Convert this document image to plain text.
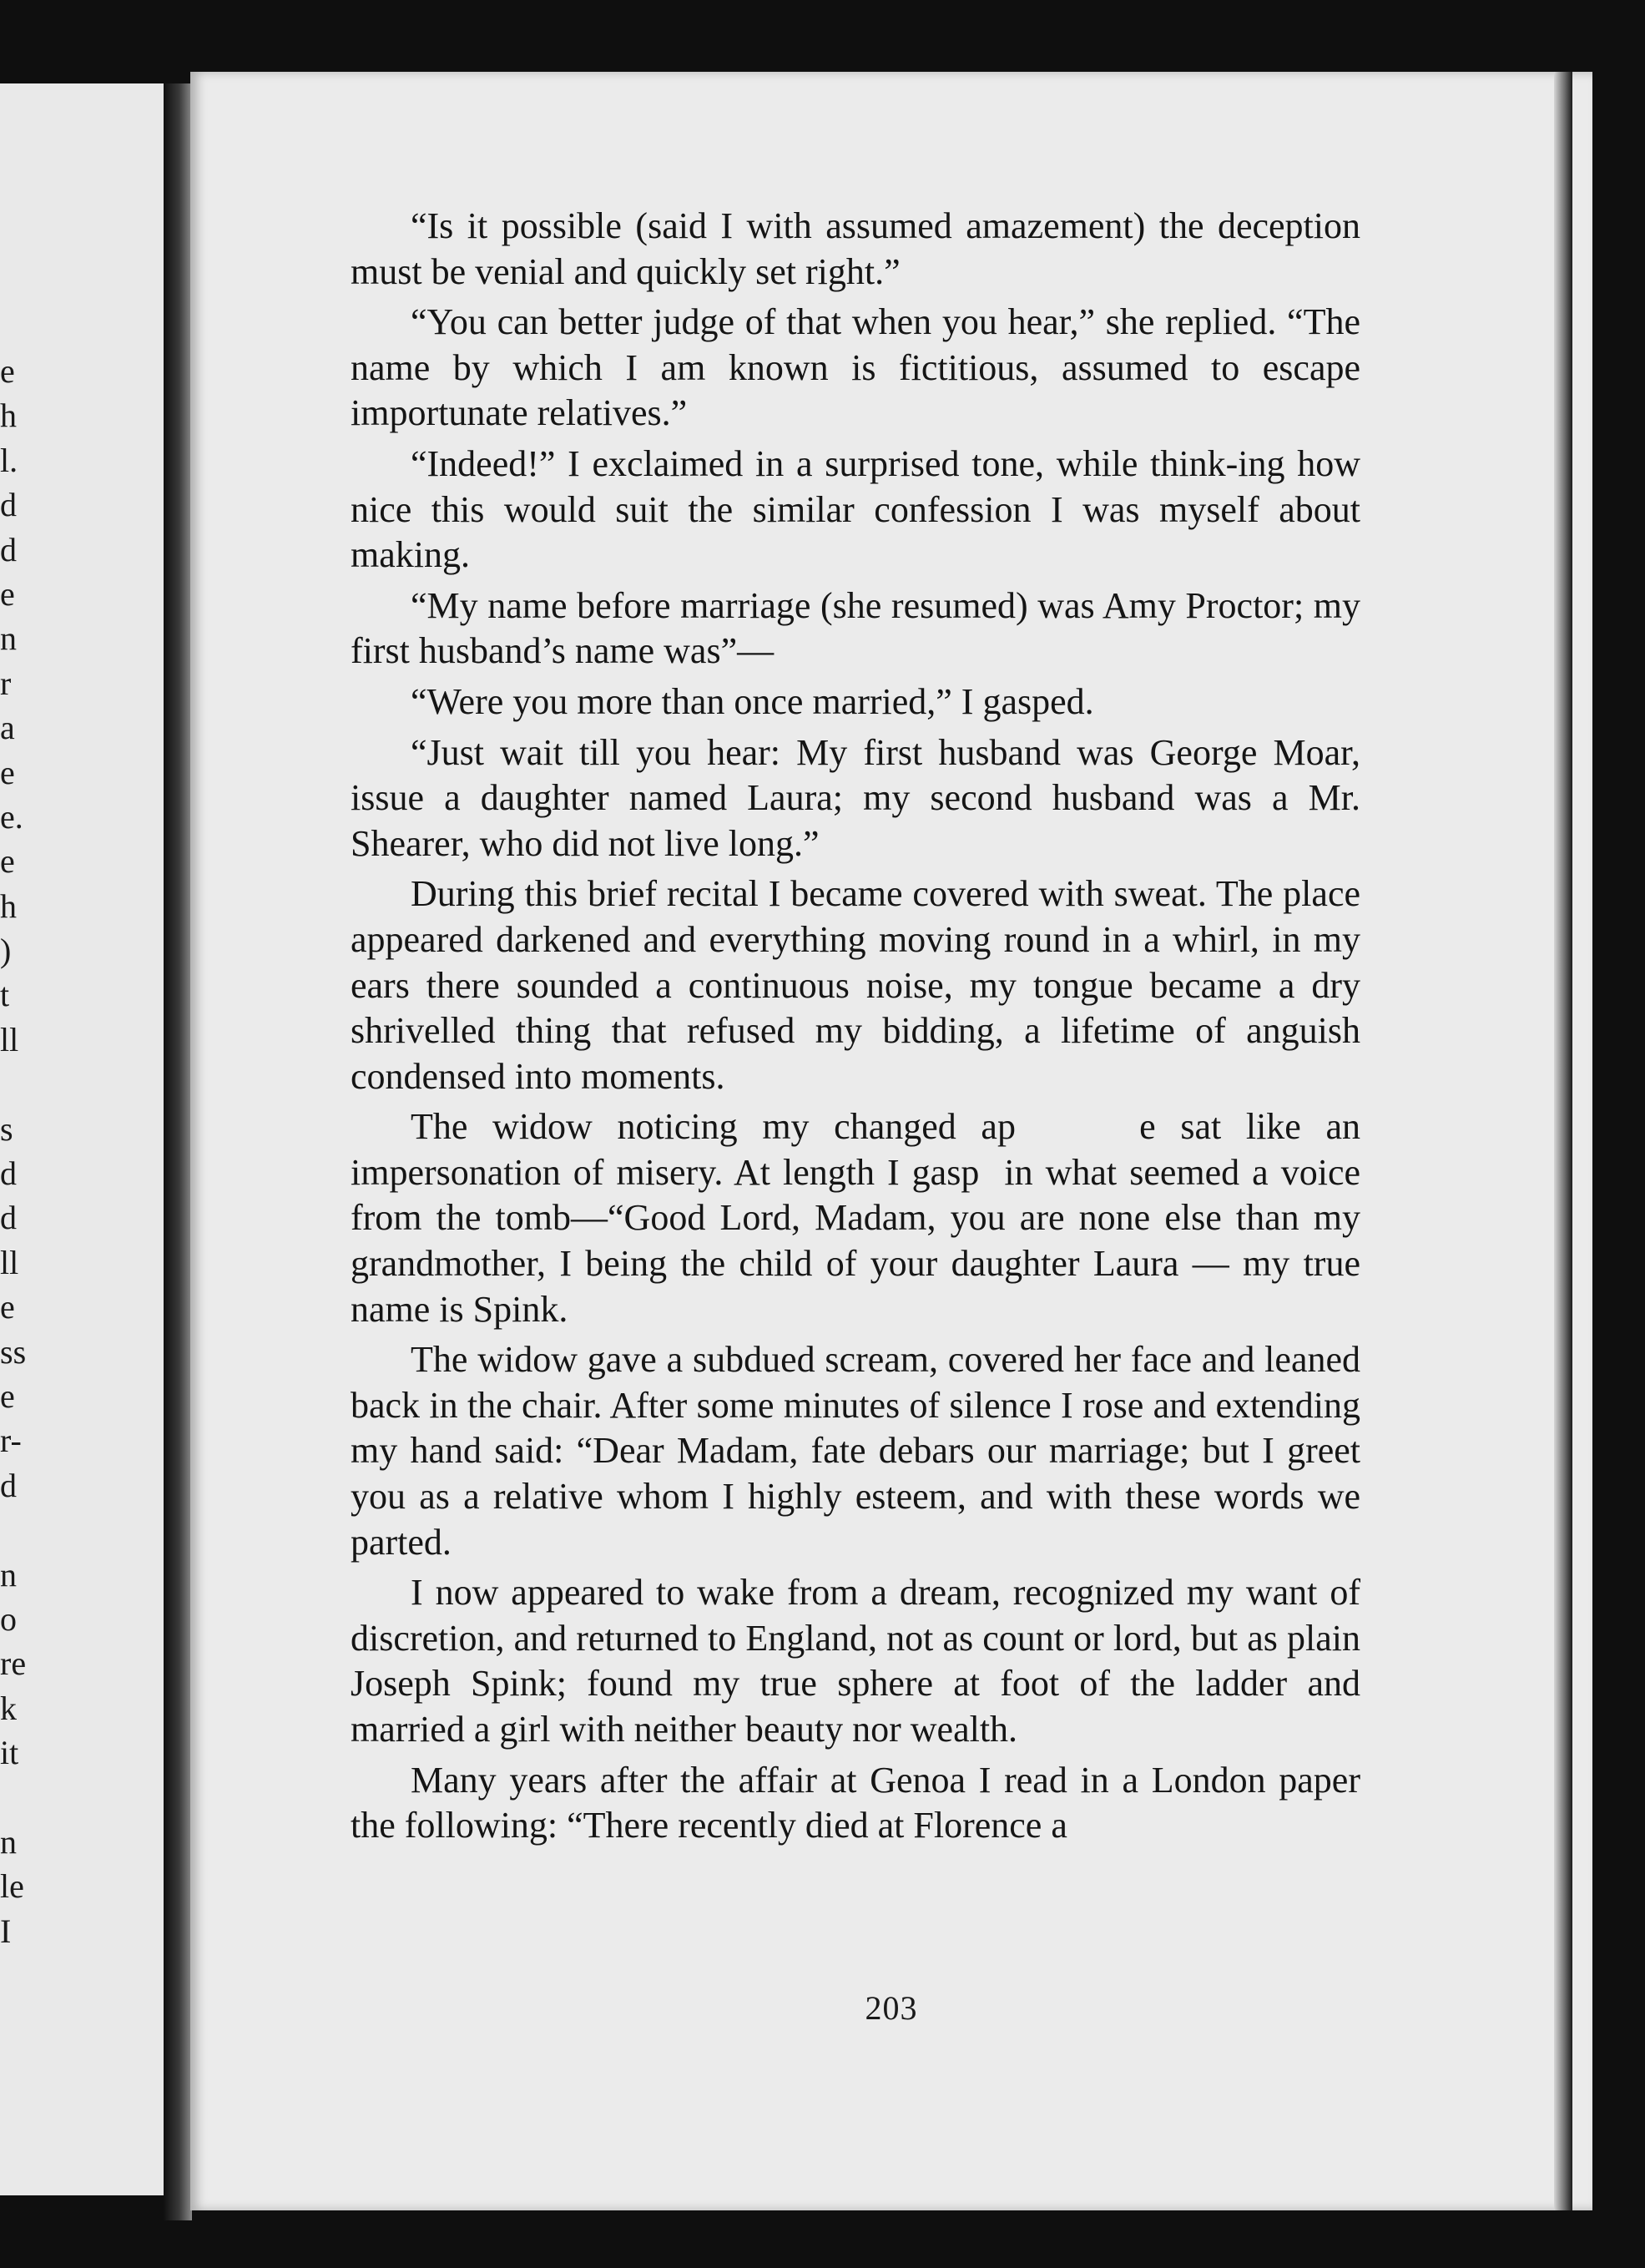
e
h
l.
d
d
e
n
r
a
e
e.
e
h
)
t
ll
s
d
d
ll
e
ss
e
r-
d
n
o
re
k
it
n
le
I

“Is it possible (said I with assumed amazement) the deception must be venial and quickly set right.”

“You can better judge of that when you hear,” she replied. “The name by which I am known is fictitious, assumed to escape importunate relatives.”

“Indeed!” I exclaimed in a surprised tone, while think-ing how nice this would suit the similar confession I was myself about making.

“My name before marriage (she resumed) was Amy Proctor; my first husband’s name was”—

“Were you more than once married,” I gasped.

“Just wait till you hear: My first husband was George Moar, issue a daughter named Laura; my second husband was a Mr. Shearer, who did not live long.”

During this brief recital I became covered with sweat. The place appeared darkened and everything moving round in a whirl, in my ears there sounded a continuous noise, my tongue became a dry shrivelled thing that refused my bidding, a lifetime of anguish condensed into moments.

The widow noticing my changed ap‌ ‌ ‌ ‌ ‌ ‌e sat like an impersonation of misery. At length I gasp‌ ‌ in what seemed a voice from the tomb—“Good Lord, Madam, you are none else than my grandmother, I being the child of your daughter Laura — my true name is Spink.

The widow gave a subdued scream, covered her face and leaned back in the chair. After some minutes of silence I rose and extending my hand said: “Dear Madam, fate debars our marriage; but I greet you as a relative whom I highly esteem, and with these words we parted.

I now appeared to wake from a dream, recognized my want of discretion, and returned to England, not as count or lord, but as plain Joseph Spink; found my true sphere at foot of the ladder and married a girl with neither beauty nor wealth.

Many years after the affair at Genoa I read in a London paper the following: “There recently died at Florence a

203
